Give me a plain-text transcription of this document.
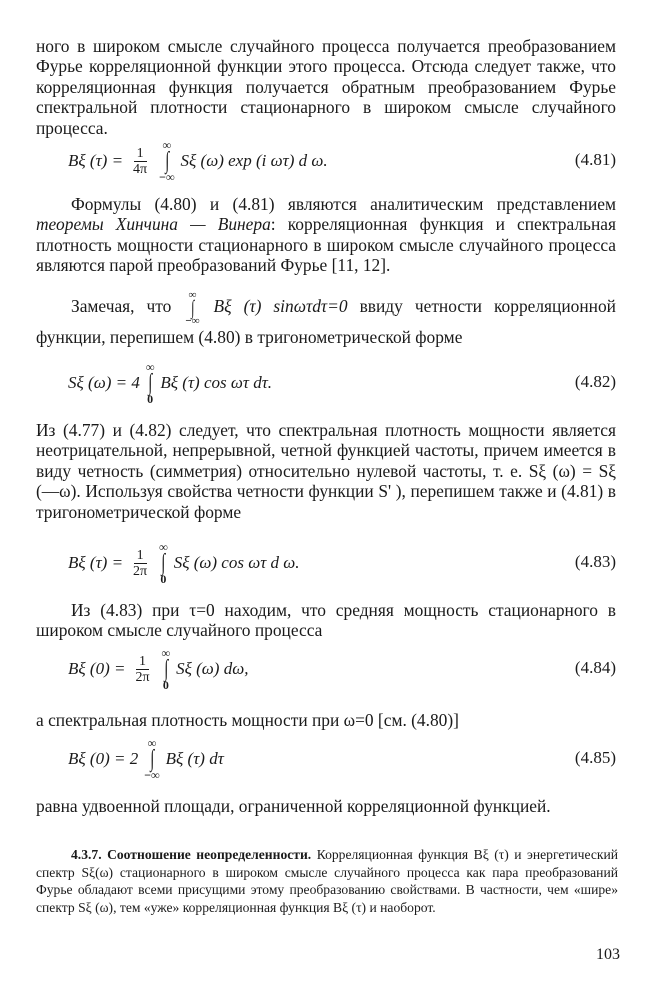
ного в широком смысле случайного процесса получается преобразованием Фурье корреляционной функции этого процесса. Отсюда следует также, что корреляционная функция получается обратным преобразованием Фурье спектральной плотности стационарного в широком смысле случайного процесса.

Bξ $(\tau) = \frac{1}{4\pi}$
∞
∫
−∞
Sξ (ω) exp (i ωτ) d ω.	(4.81)

Формулы (4.80) и (4.81) являются аналитическим представлением теоремы Хинчина — Винера: корреляционная функция и спектральная плотность мощности стационарного в широком смысле случайного процесса являются парой преобразований Фурье [11, 12].

Замечая, что
∞
∫
−∞
Bξ (τ) sinωτdτ=0 ввиду четности корреляционной функции, перепишем (4.80) в тригонометрической форме
Sξ (ω) = 4
∞
∫
0
Bξ (τ) cos ωτ dτ.	(4.82)

Из (4.77) и (4.82) следует, что спектральная плотность мощности является неотрицательной, непрерывной, четной функцией частоты, причем имеется в виду четность (симметрия) относительно нулевой частоты, т. е. Sξ (ω) = Sξ (—ω). Используя свойства четности функции S' ), перепишем также и (4.81) в тригонометрической форме

Bξ $(\tau) = \frac{1}{2\pi}$
∞
∫
0
Sξ (ω) cos ωτ d ω.	(4.83)

Из (4.83) при τ=0 находим, что средняя мощность стационарного в широком смысле случайного процесса

Bξ $(0) = \frac{1}{2\pi}$
∞
∫
0
Sξ (ω) dω,	(4.84)

а спектральная плотность мощности при ω=0 [см. (4.80)]

Bξ (0) = 2
∞
∫
−∞
Bξ (τ) dτ	(4.85)

равна удвоенной площади, ограниченной корреляционной функцией.

4.3.7. Соотношение неопределенности. Корреляционная функция Bξ (τ) и энергетический спектр Sξ(ω) стационарного в широком смысле случайного процесса как пара преобразований Фурье обладают всеми присущими этому преобразованию свойствами. В частности, чем «шире» спектр Sξ (ω), тем «уже» корреляционная функция Bξ (τ) и наоборот.

103
